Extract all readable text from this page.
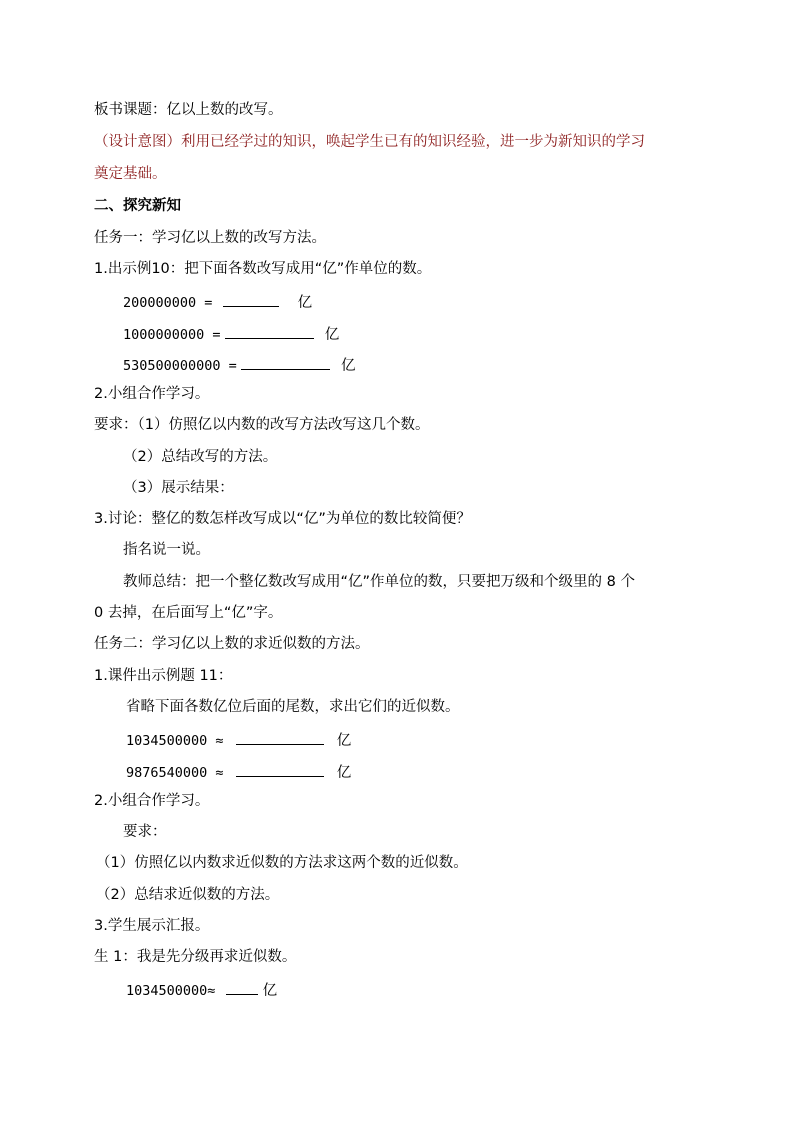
板书课题：亿以上数的改写。
（设计意图）利用已经学过的知识，唤起学生已有的知识经验，进一步为新知识的学习
奠定基础。
二、探究新知
任务一：学习亿以上数的改写方法。
1.出示例10：把下面各数改写成用“亿”作单位的数。
200000000 =	亿
1000000000 =	亿
530500000000 =	亿
2.小组合作学习。
要求：（1）仿照亿以内数的改写方法改写这几个数。
（2）总结改写的方法。
（3）展示结果：
3.讨论：整亿的数怎样改写成以“亿”为单位的数比较简便？
指名说一说。
教师总结：把一个整亿数改写成用“亿”作单位的数，只要把万级和个级里的 8 个
0 去掉，在后面写上“亿”字。
任务二：学习亿以上数的求近似数的方法。
1.课件出示例题 11：
省略下面各数亿位后面的尾数，求出它们的近似数。
1034500000 ≈	亿
9876540000 ≈	亿
2.小组合作学习。
要求：
（1）仿照亿以内数求近似数的方法求这两个数的近似数。
（2）总结求近似数的方法。
3.学生展示汇报。
生 1：我是先分级再求近似数。
1034500000≈	亿
